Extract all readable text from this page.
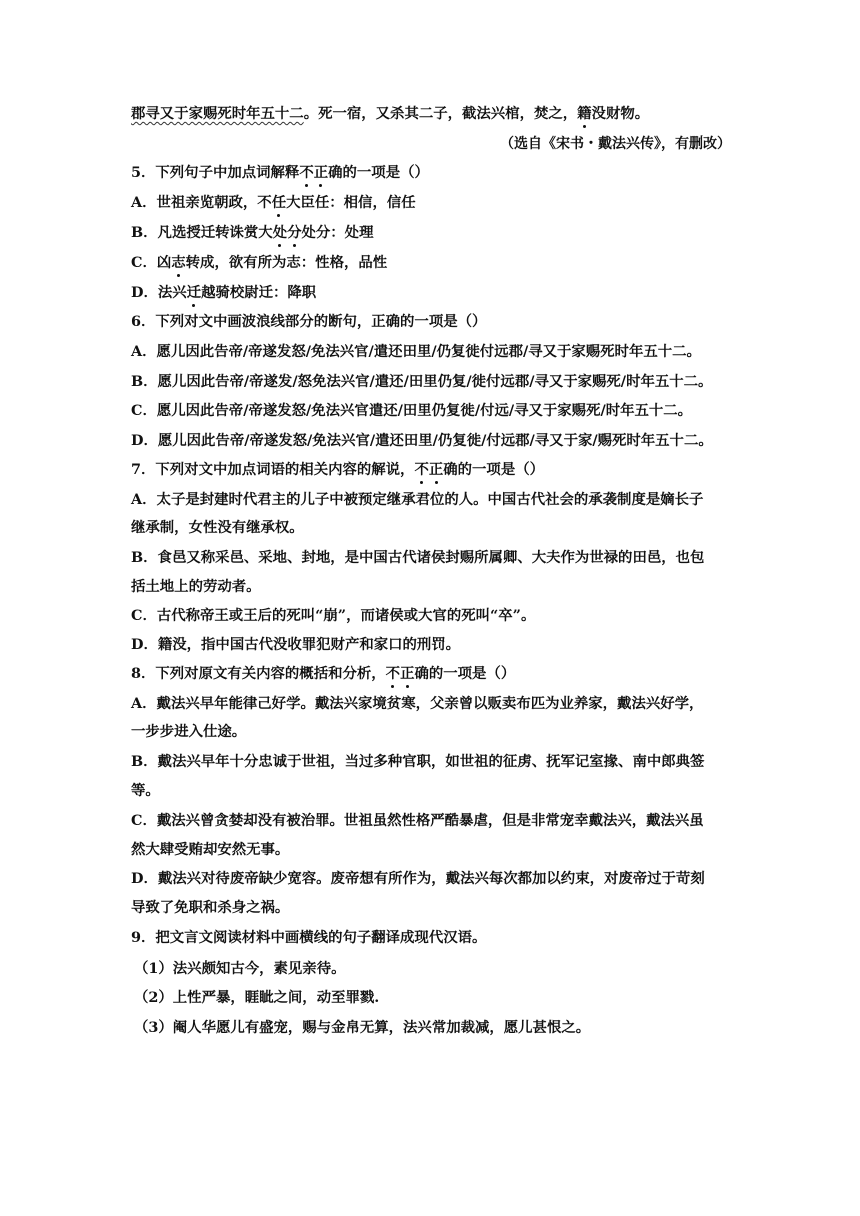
郡寻又于家赐死时年五十二。死一宿，又杀其二子，截法兴棺，焚之，籍没财物。
（选自《宋书・戴法兴传》，有删改）
5．下列句子中加点词解释不正确的一项是（）
A．世祖亲览朝政，不任大臣任：相信，信任
B．凡选授迁转诛赏大处分处分：处理
C．凶志转成，欲有所为志：性格，品性
D．法兴迁越骑校尉迁：降职
6．下列对文中画波浪线部分的断句，正确的一项是（）
A．愿儿因此告帝/帝遂发怒/免法兴官/遣还田里/仍复徙付远郡/寻又于家赐死时年五十二。
B．愿儿因此告帝/帝遂发/怒免法兴官/遣还/田里仍复/徙付远郡/寻又于家赐死/时年五十二。
C．愿儿因此告帝/帝遂发怒/免法兴官遣还/田里仍复徙/付远/寻又于家赐死/时年五十二。
D．愿儿因此告帝/帝遂发怒/免法兴官/遣还田里/仍复徙/付远郡/寻又于家/赐死时年五十二。
7．下列对文中加点词语的相关内容的解说，不正确的一项是（）
A．太子是封建时代君主的儿子中被预定继承君位的人。中国古代社会的承袭制度是嫡长子
继承制，女性没有继承权。
B．食邑又称采邑、采地、封地，是中国古代诸侯封赐所属卿、大夫作为世禄的田邑，也包
括土地上的劳动者。
C．古代称帝王或王后的死叫“崩”，而诸侯或大官的死叫“卒”。
D．籍没，指中国古代没收罪犯财产和家口的刑罚。
8．下列对原文有关内容的概括和分析，不正确的一项是（）
A．戴法兴早年能律己好学。戴法兴家境贫寒，父亲曾以贩卖布匹为业养家，戴法兴好学，
一步步进入仕途。
B．戴法兴早年十分忠诚于世祖，当过多种官职，如世祖的征虏、抚军记室掾、南中郎典签
等。
C．戴法兴曾贪婪却没有被治罪。世祖虽然性格严酷暴虐，但是非常宠幸戴法兴，戴法兴虽
然大肆受贿却安然无事。
D．戴法兴对待废帝缺少宽容。废帝想有所作为，戴法兴每次都加以约束，对废帝过于苛刻
导致了免职和杀身之祸。
9．把文言文阅读材料中画横线的句子翻译成现代汉语。
（1）法兴颇知古今，素见亲待。
（2）上性严暴，睚眦之间，动至罪戮.
（3）阉人华愿儿有盛宠，赐与金帛无算，法兴常加裁减，愿儿甚恨之。
